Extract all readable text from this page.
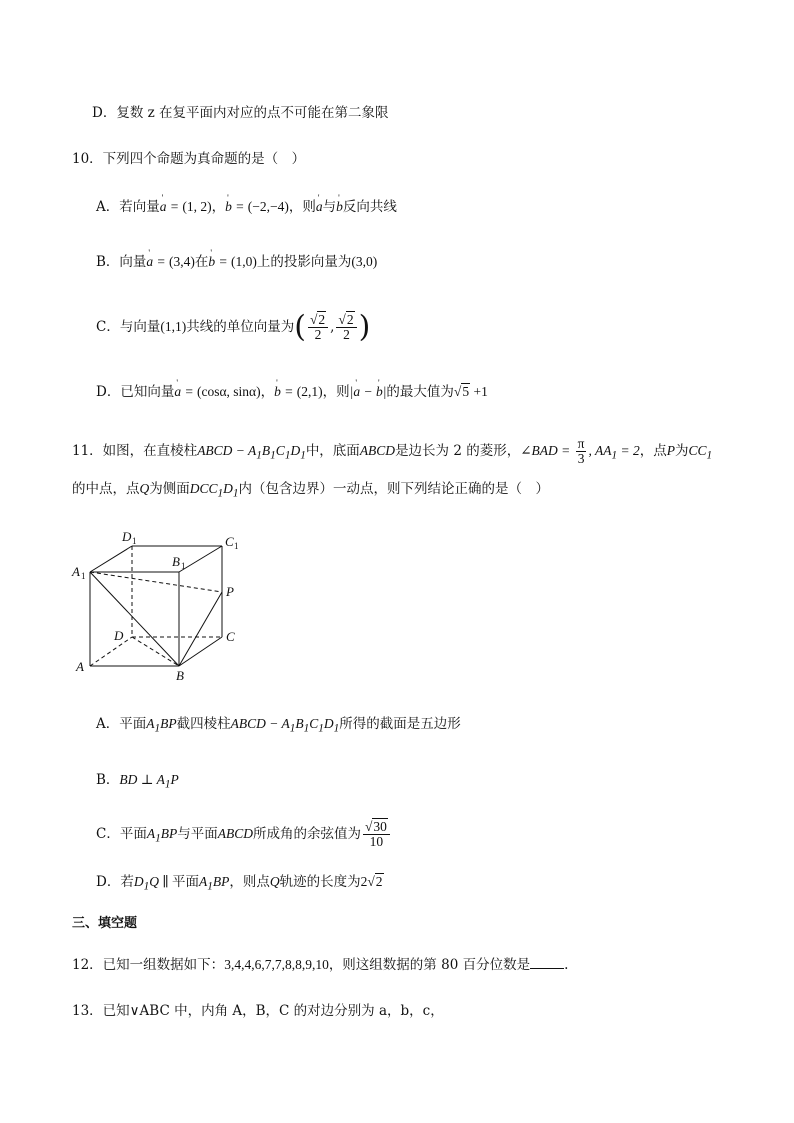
D．复数 z 在复平面内对应的点不可能在第二象限
10．下列四个命题为真命题的是（　）
A．若向量' a = (1, 2)，' b = (−2,−4)，则' a与' b反向共线
B．向量' a = (3,4)在' b = (1,0)上的投影向量为(3,0)
C．与向量(1,1)共线的单位向量为( $\frac{√2}{2}$ , $\frac{√2}{2}$ )
D．已知向量' a = (cosα, sinα)，' b = (2,1)，则|' a − ' b|的最大值为√5 +1
11．如图，在直棱柱ABCD − $A_1B_1C_1D_1$中，底面ABCD是边长为 2 的菱形，∠BAD = $\frac{\pi}{3}$ , $AA_1 = 2$，点P为$CC_1$
的中点，点Q为侧面$DCC_1D_1$内（包含边界）一动点，则下列结论正确的是（　）
D 1	C 1
B 1
A 1
P
D	C
A
B
A．平面$A_1BP$截四棱柱ABCD − $A_1B_1C_1D_1$所得的截面是五边形
B．BD ⊥ $A_1P$
C．平面$A_1BP$与平面ABCD所成角的余弦值为 $\frac{√30}{10}$
D．若$D_1Q$ ∥ 平面$A_1BP$，则点Q轨迹的长度为2√2
三、填空题
12．已知一组数据如下：3,4,4,6,7,7,8,8,9,10，则这组数据的第 80 百分位数是	.
13．已知∨ABC 中，内角 A，B，C 的对边分别为 a，b，c，
